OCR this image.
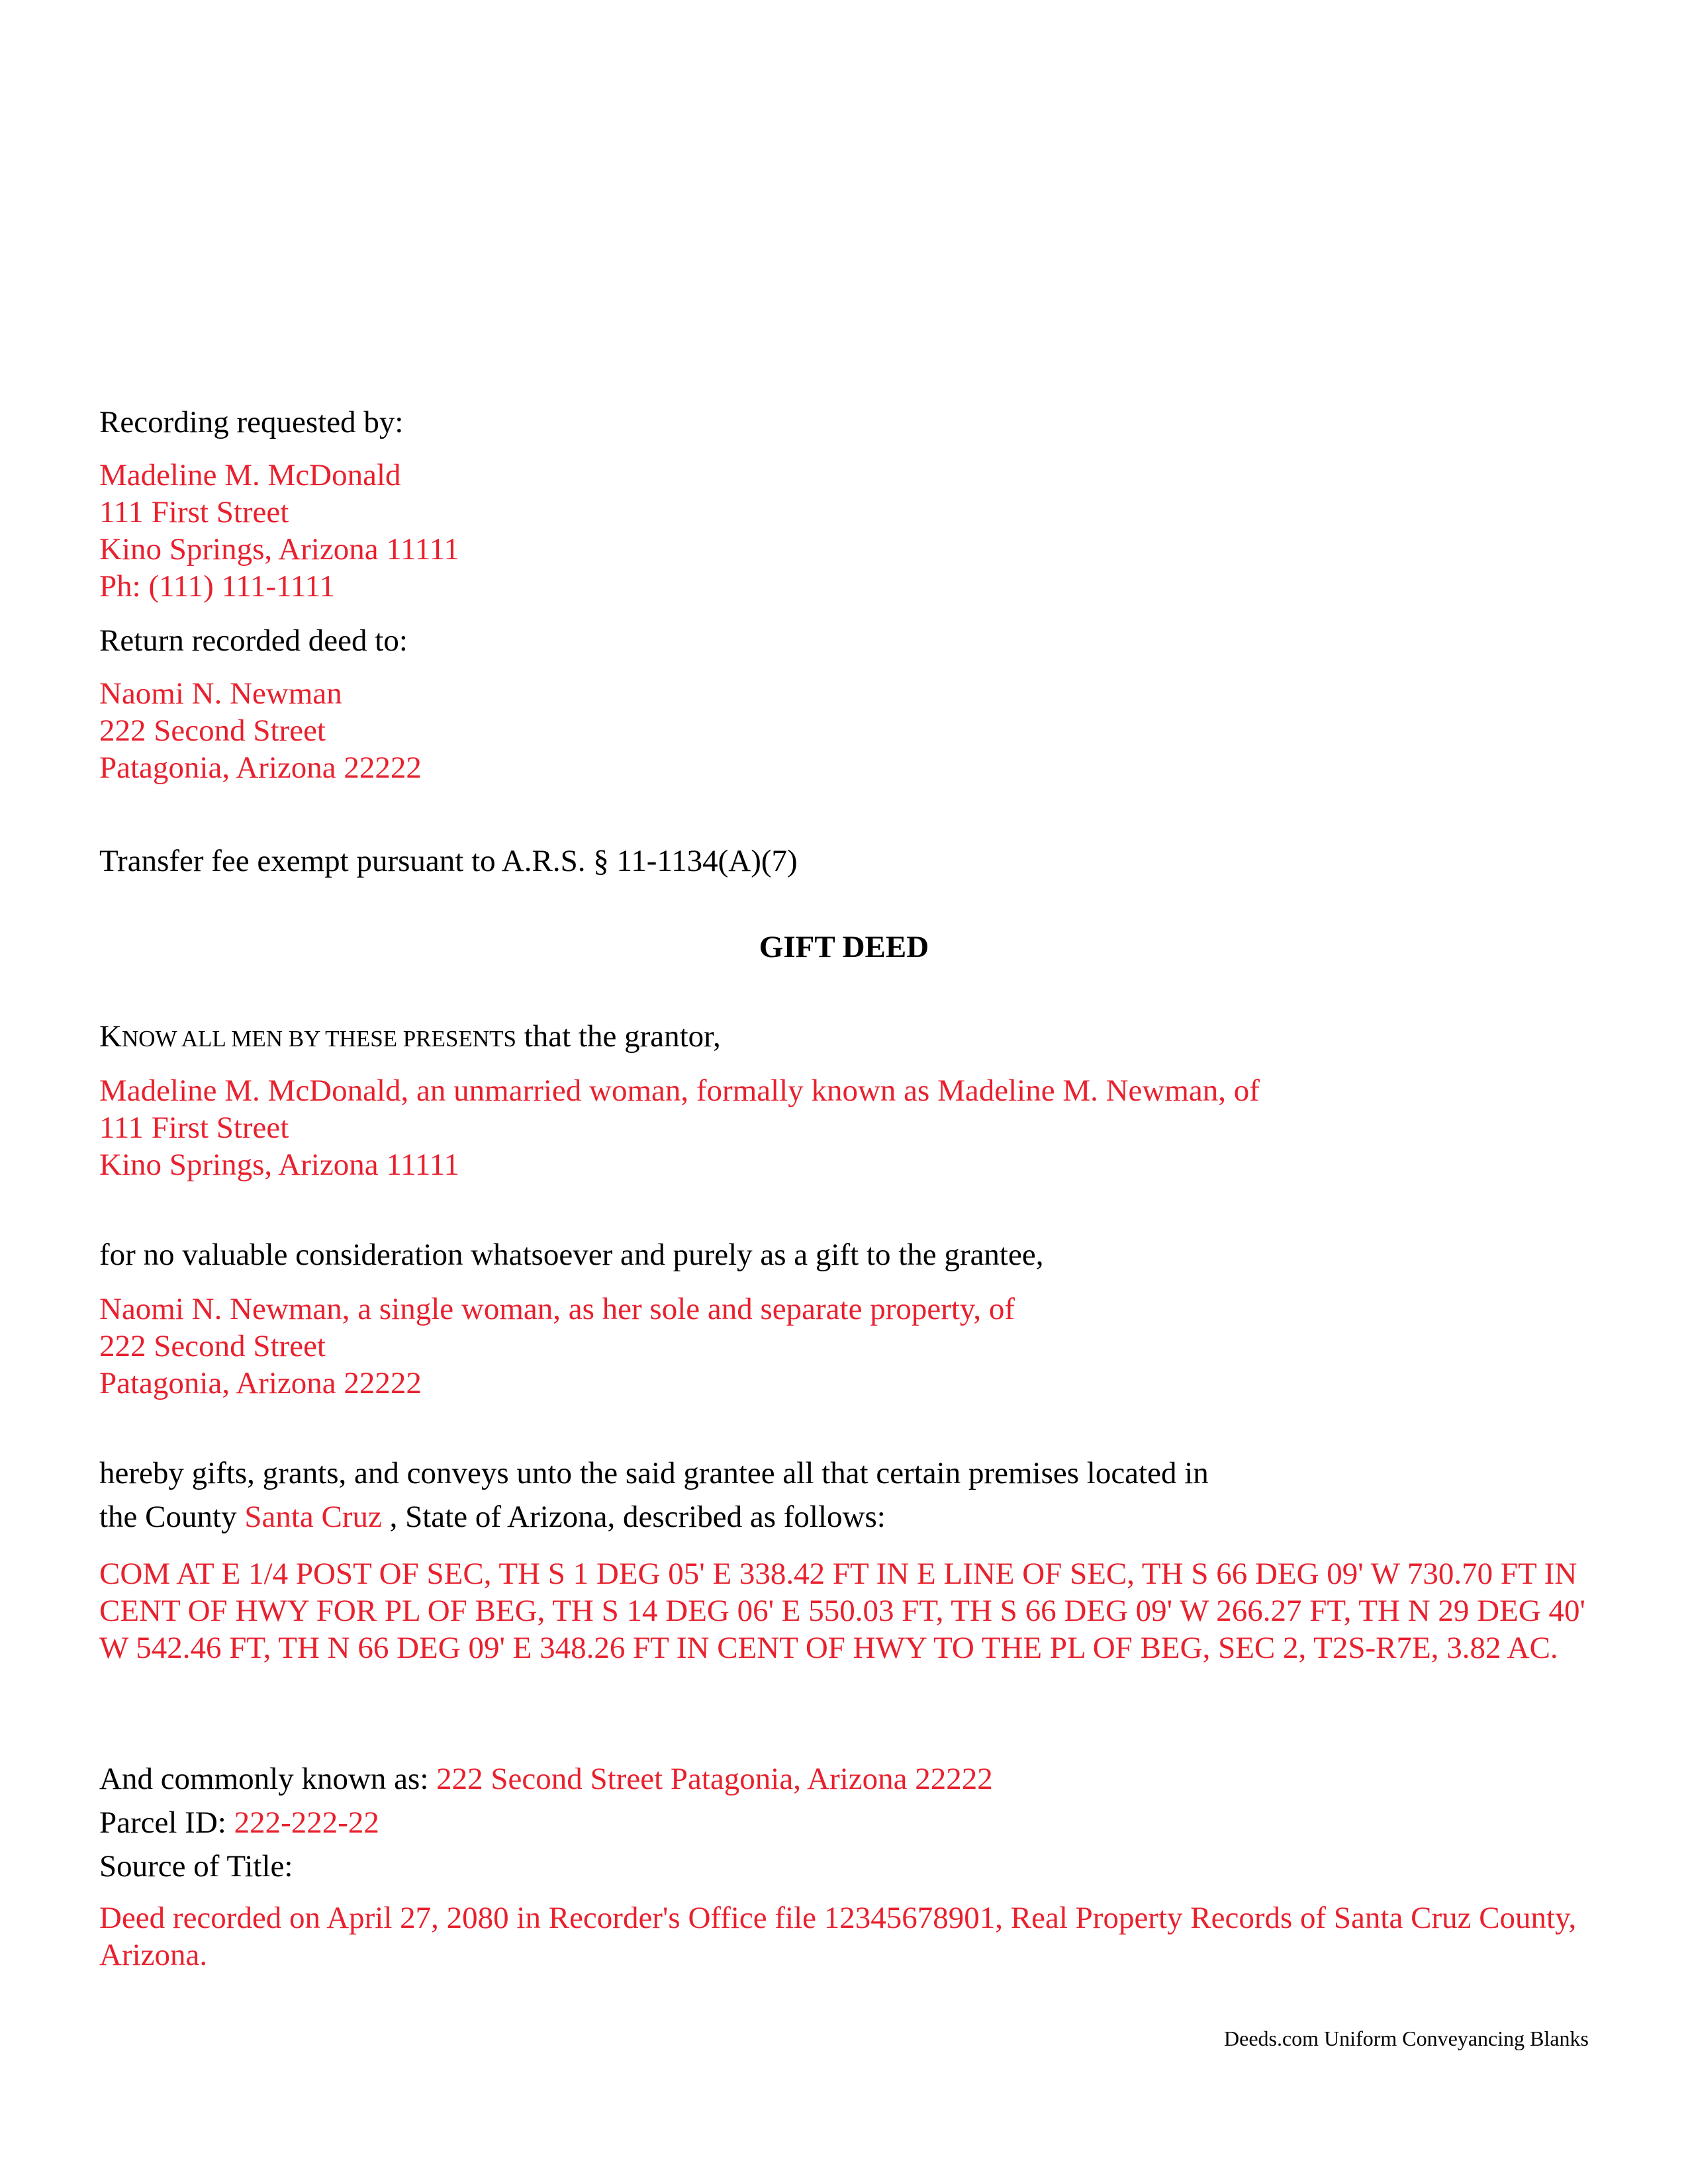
Recording requested by:
Madeline M. McDonald
111 First Street
Kino Springs, Arizona 11111
Ph: (111) 111-1111
Return recorded deed to:
Naomi N. Newman
222 Second Street
Patagonia, Arizona 22222
Transfer fee exempt pursuant to A.R.S. § 11-1134(A)(7)
GIFT DEED
KNOW ALL MEN BY THESE PRESENTS that the grantor,
Madeline M. McDonald, an unmarried woman, formally known as Madeline M. Newman, of
111 First Street
Kino Springs, Arizona 11111
for no valuable consideration whatsoever and purely as a gift to the grantee,
Naomi N. Newman, a single woman, as her sole and separate property, of
222 Second Street
Patagonia, Arizona 22222
hereby gifts, grants, and conveys unto the said grantee all that certain premises located in
the County Santa Cruz , State of Arizona, described as follows:
COM AT E 1/4 POST OF SEC, TH S 1 DEG 05' E 338.42 FT IN E LINE OF SEC, TH S 66 DEG 09' W 730.70 FT IN CENT OF HWY FOR PL OF BEG, TH S 14 DEG 06' E 550.03 FT, TH S 66 DEG 09' W 266.27 FT, TH N 29 DEG 40' W 542.46 FT, TH N 66 DEG 09' E 348.26 FT IN CENT OF HWY TO THE PL OF BEG, SEC 2, T2S-R7E, 3.82 AC.
And commonly known as: 222 Second Street Patagonia, Arizona 22222
Parcel ID: 222-222-22
Source of Title:
Deed recorded on April 27, 2080 in Recorder's Office file 12345678901, Real Property Records of Santa Cruz County, Arizona.
Deeds.com Uniform Conveyancing Blanks
